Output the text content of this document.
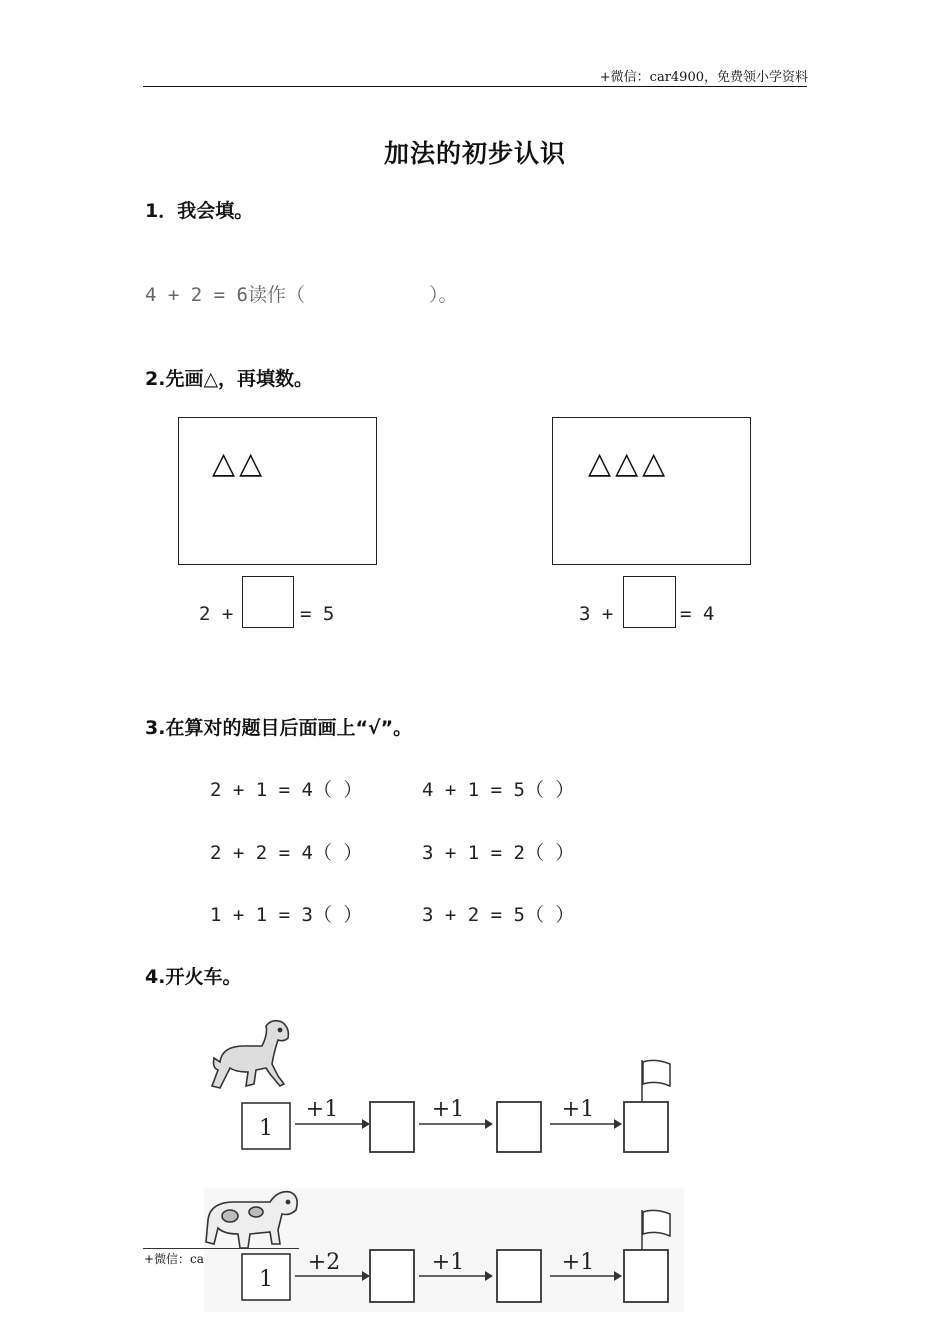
+微信：car4900，免费领小学资料
加法的初步认识
1．我会填。
4 + 2 = 6读作（	）。
2.先画△，再填数。
△△	△△△
2 +	= 5	3 +	= 4
3.在算对的题目后面画上“√”。
2 + 1 = 4（ ）	4 + 1 = 5（ ）
2 + 2 = 4（ ）	3 + 1 = 2（ ）
1 + 1 = 3（ ）	3 + 2 = 5（ ）
4.开火车。
1
+1	+1	+1
1
+2	+1	+1
+微信：ca
